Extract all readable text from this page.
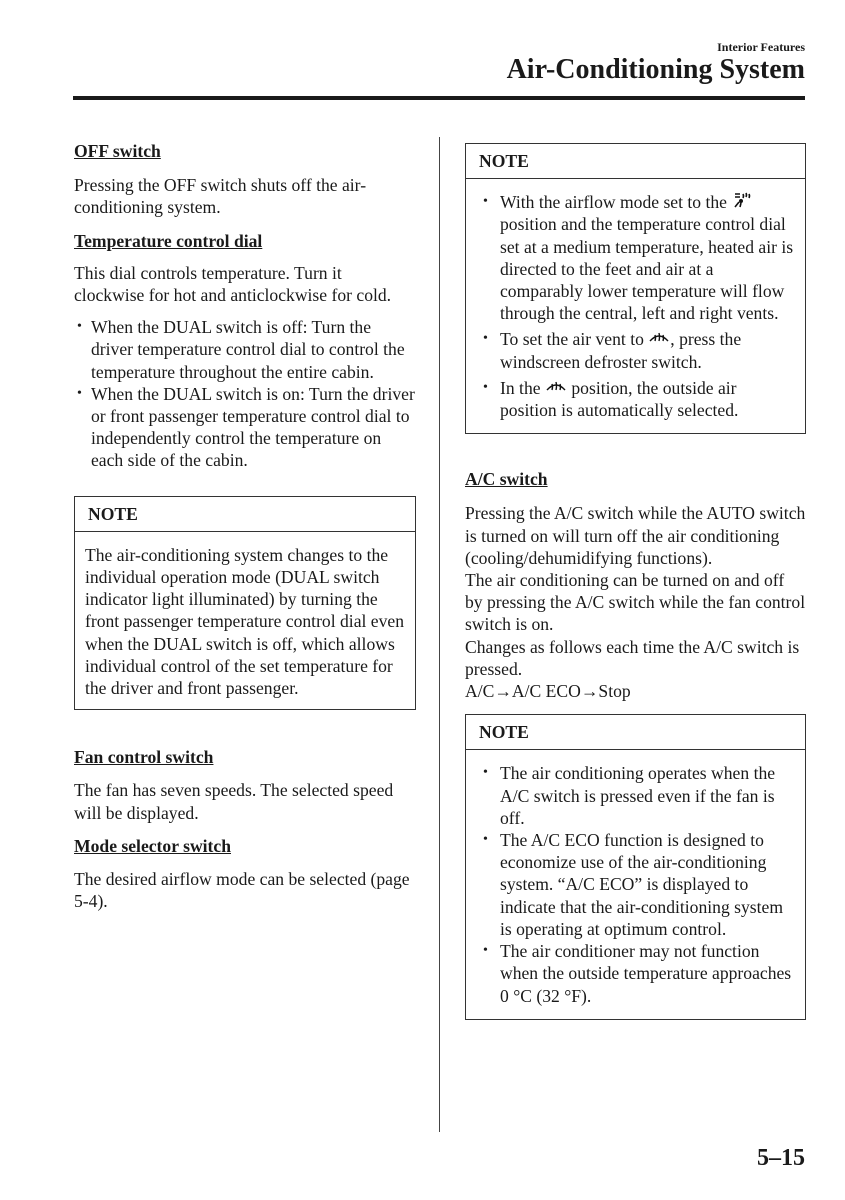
Interior Features
Air-Conditioning System

OFF switch

Pressing the OFF switch shuts off the air-conditioning system.

Temperature control dial

This dial controls temperature. Turn it clockwise for hot and anticlockwise for cold.

• When the DUAL switch is off: Turn the driver temperature control dial to control the temperature throughout the entire cabin.
• When the DUAL switch is on: Turn the driver or front passenger temperature control dial to independently control the temperature on each side of the cabin.
NOTE
The air-conditioning system changes to the individual operation mode (DUAL switch indicator light illuminated) by turning the front passenger temperature control dial even when the DUAL switch is off, which allows individual control of the set temperature for the driver and front passenger.

Fan control switch

The fan has seven speeds. The selected speed will be displayed.

Mode selector switch

The desired airflow mode can be selected (page 5-4).

NOTE
• With the airflow mode set to the  position and the temperature control dial set at a medium temperature, heated air is directed to the feet and air at a comparably lower temperature will flow through the central, left and right vents.
• To set the air vent to , press the windscreen defroster switch.
• In the position, the outside air position is automatically selected.

A/C switch

Pressing the A/C switch while the AUTO switch is turned on will turn off the air conditioning (cooling/dehumidifying functions).

The air conditioning can be turned on and off by pressing the A/C switch while the fan control switch is on.

Changes as follows each time the A/C switch is pressed.

A/C→A/C ECO→Stop

NOTE
• The air conditioning operates when the A/C switch is pressed even if the fan is off.
• The A/C ECO function is designed to economize use of the air-conditioning system. “A/C ECO” is displayed to indicate that the air-conditioning system is operating at optimum control.
• The air conditioner may not function when the outside temperature approaches 0 °C (32 °F).
5–15
